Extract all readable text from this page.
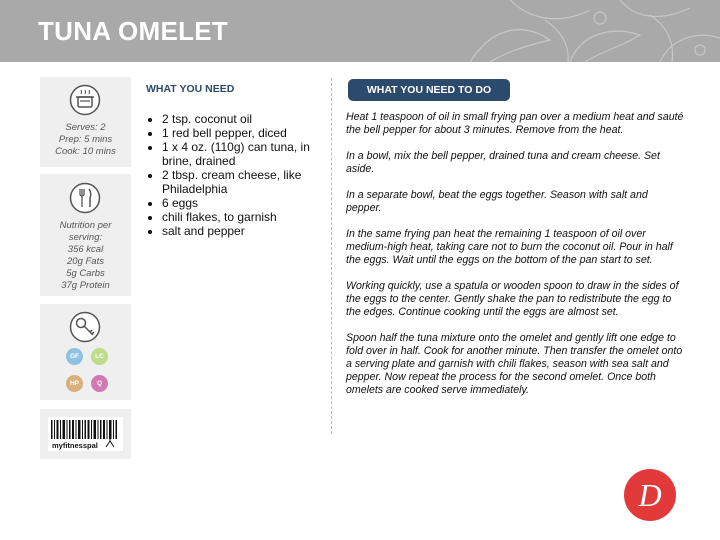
TUNA OMELET
Serves: 2
Prep: 5 mins
Cook: 10 mins
Nutrition per
serving:
356 kcal
20g Fats
5g Carbs
37g Protein
GF	LC
HP	Q
myfitnesspal
WHAT YOU NEED
• 2 tsp. coconut oil
• 1 red bell pepper, diced
• 1 x 4 oz. (110g) can tuna, in brine, drained
• 2 tbsp. cream cheese, like Philadelphia
• 6 eggs
• chili flakes, to garnish
• salt and pepper
WHAT YOU NEED TO DO

Heat 1 teaspoon of oil in small frying pan over a medium heat and sauté the bell pepper for about 3 minutes. Remove from the heat.

In a bowl, mix the bell pepper, drained tuna and cream cheese. Set aside.

In a separate bowl, beat the eggs together. Season with salt and pepper.

In the same frying pan heat the remaining 1 teaspoon of oil over medium-high heat, taking care not to burn the coconut oil. Pour in half the eggs. Wait until the eggs on the bottom of the pan start to set.

Working quickly, use a spatula or wooden spoon to draw in the sides of the eggs to the center. Gently shake the pan to redistribute the egg to the edges. Continue cooking until the eggs are almost set.

Spoon half the tuna mixture onto the omelet and gently lift one edge to fold over in half. Cook for another minute. Then transfer the omelet onto a serving plate and garnish with chili flakes, season with sea salt and pepper. Now repeat the process for the second omelet. Once both omelets are cooked serve immediately.

D
